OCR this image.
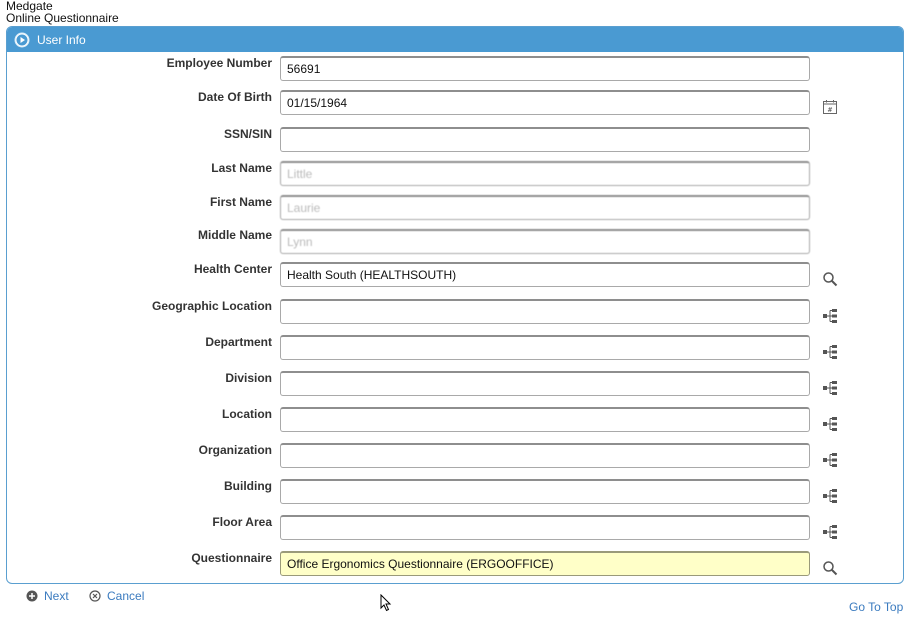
Medgate
Online Questionnaire
User Info
Employee Number
56691
Date Of Birth
01/15/1964
#
SSN/SIN
Last Name
Little
First Name
Laurie
Middle Name
Lynn
Health Center
Health South (HEALTHSOUTH)
Geographic Location
Department
Division
Location
Organization
Building
Floor Area
Questionnaire
Office Ergonomics Questionnaire (ERGOOFFICE)
Next	Cancel
Go To Top
